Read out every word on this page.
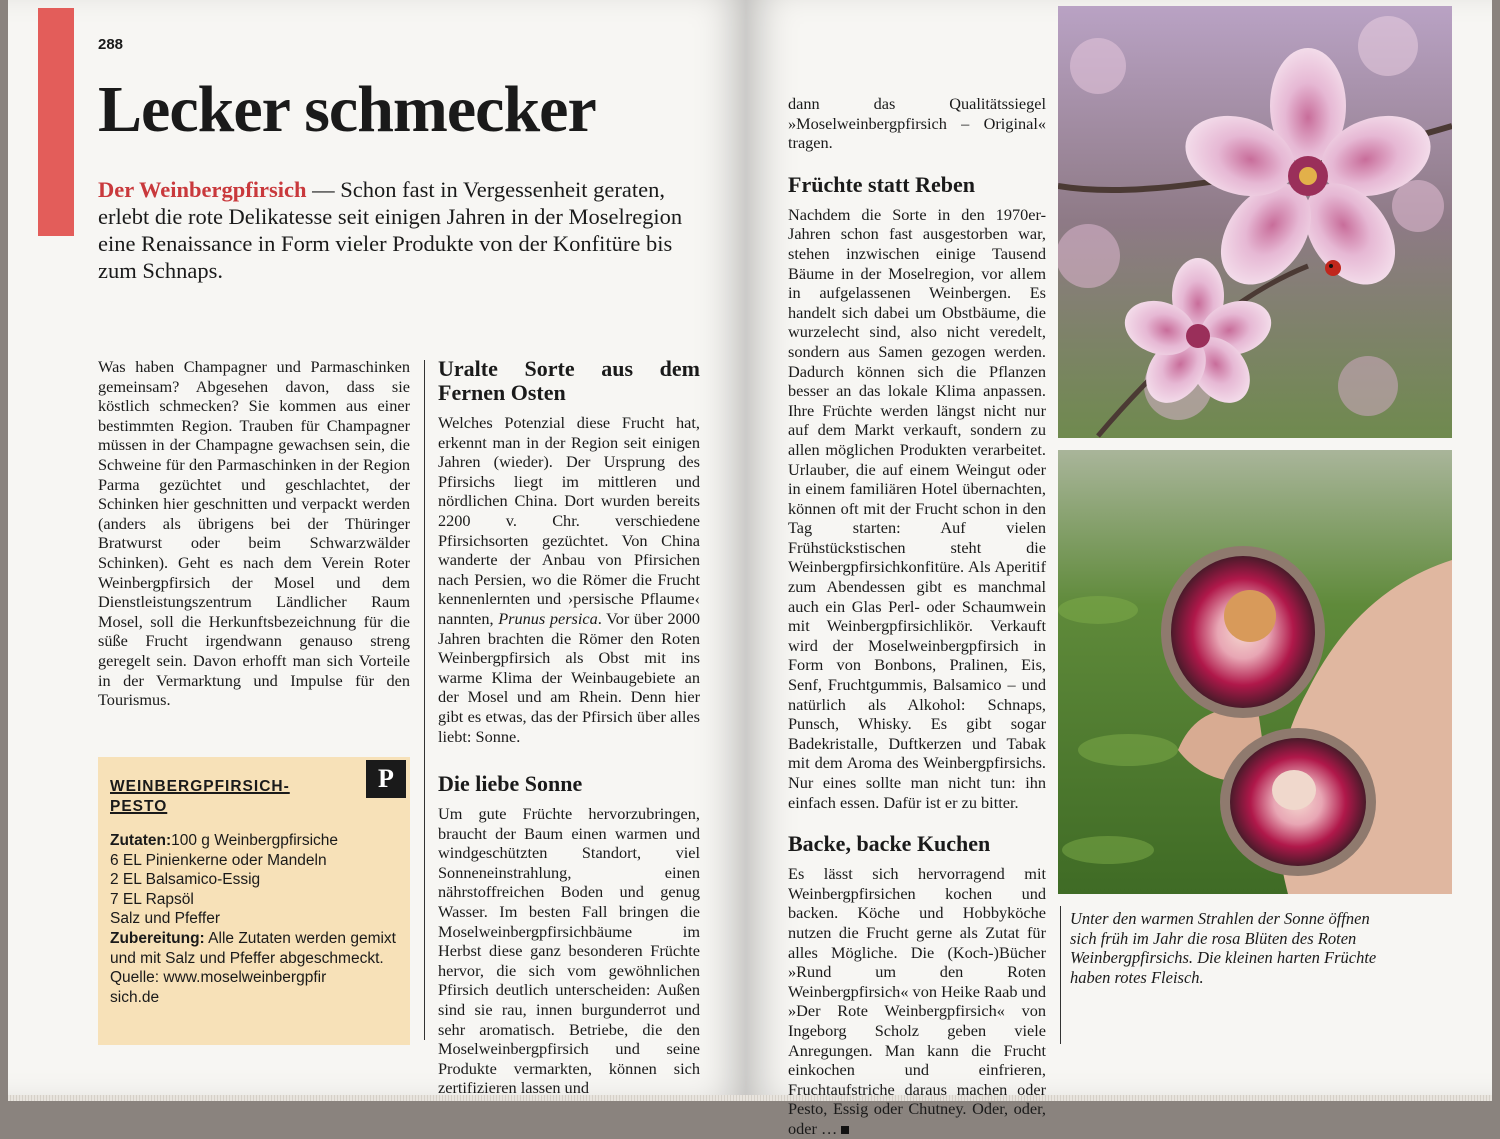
288
Lecker schmecker

Der Weinbergpfirsich — Schon fast in Vergessenheit geraten, erlebt die rote Delikatesse seit einigen Jahren in der Moselregion eine Renaissance in Form vieler Produkte von der Konfitüre bis zum Schnaps.

Was haben Champagner und Parmaschinken gemeinsam? Abgesehen davon, dass sie köstlich schmecken? Sie kommen aus einer bestimmten Region. Trauben für Champagner müssen in der Champagne gewachsen sein, die Schweine für den Parmaschinken in der Region Parma gezüchtet und geschlachtet, der Schinken hier geschnitten und verpackt werden (anders als übrigens bei der Thüringer Bratwurst oder beim Schwarzwälder Schinken). Geht es nach dem Verein Roter Weinbergpfirsich der Mosel und dem Dienstleistungszentrum Ländlicher Raum Mosel, soll die Herkunftsbezeichnung für die süße Frucht irgendwann genauso streng geregelt sein. Davon erhofft man sich Vorteile in der Vermarktung und Impulse für den Tourismus.

WEINBERGPFIRSICH-
PESTO
Zutaten:100 g Weinbergpfirsiche
6 EL Pinienkerne oder Mandeln
2 EL Balsamico-Essig
7 EL Rapsöl
Salz und Pfeffer
Zubereitung: Alle Zutaten werden gemixt und mit Salz und Pfeffer abgeschmeckt.
Quelle: www.moselweinbergpfir
sich.de
P
Uralte Sorte aus dem Fernen Osten

Welches Potenzial diese Frucht hat, erkennt man in der Region seit einigen Jahren (wieder). Der Ursprung des Pfirsichs liegt im mittleren und nördlichen China. Dort wurden bereits 2200 v. Chr. verschiedene Pfirsichsorten gezüchtet. Von China wanderte der Anbau von Pfirsichen nach Persien, wo die Römer die Frucht kennenlernten und ›persische Pflaume‹ nannten, Prunus persica. Vor über 2000 Jahren brachten die Römer den Roten Weinbergpfirsich als Obst mit ins warme Klima der Weinbaugebiete an der Mosel und am Rhein. Denn hier gibt es etwas, das der Pfirsich über alles liebt: Sonne.

Die liebe Sonne

Um gute Früchte hervorzubringen, braucht der Baum einen warmen und windgeschützten Standort, viel Sonneneinstrahlung, einen nährstoffreichen Boden und genug Wasser. Im besten Fall bringen die Moselweinbergpfirsichbäume im Herbst diese ganz besonderen Früchte hervor, die sich vom gewöhnlichen Pfirsich deutlich unterscheiden: Außen sind sie rau, innen burgunderrot und sehr aromatisch. Betriebe, die den Moselweinbergpfirsich und seine Produkte vermarkten, können sich zertifizieren lassen und

dann das Qualitätssiegel »Moselweinbergpfirsich – Original« tragen.

Früchte statt Reben

Nachdem die Sorte in den 1970er-Jahren schon fast ausgestorben war, stehen inzwischen einige Tausend Bäume in der Moselregion, vor allem in aufgelassenen Weinbergen. Es handelt sich dabei um Obstbäume, die wurzelecht sind, also nicht veredelt, sondern aus Samen gezogen werden. Dadurch können sich die Pflanzen besser an das lokale Klima anpassen. Ihre Früchte werden längst nicht nur auf dem Markt verkauft, sondern zu allen möglichen Produkten verarbeitet. Urlauber, die auf einem Weingut oder in einem familiären Hotel übernachten, können oft mit der Frucht schon in den Tag starten: Auf vielen Frühstückstischen steht die Weinbergpfirsichkonfitüre. Als Aperitif zum Abendessen gibt es manchmal auch ein Glas Perl- oder Schaumwein mit Weinbergpfirsichlikör. Verkauft wird der Moselweinbergpfirsich in Form von Bonbons, Pralinen, Eis, Senf, Fruchtgummis, Balsamico – und natürlich als Alkohol: Schnaps, Punsch, Whisky. Es gibt sogar Badekristalle, Duftkerzen und Tabak mit dem Aroma des Weinbergpfirsichs. Nur eines sollte man nicht tun: ihn einfach essen. Dafür ist er zu bitter.

Backe, backe Kuchen

Es lässt sich hervorragend mit Weinbergpfirsichen kochen und backen. Köche und Hobbyköche nutzen die Frucht gerne als Zutat für alles Mögliche. Die (Koch-)Bücher »Rund um den Roten Weinbergpfirsich« von Heike Raab und »Der Rote Weinbergpfirsich« von Ingeborg Scholz geben viele Anregungen. Man kann die Frucht einkochen und einfrieren, Fruchtaufstriche daraus machen oder Pesto, Essig oder Chutney. Oder, oder, oder …

Unter den warmen Strahlen der Sonne öffnen sich früh im Jahr die rosa Blüten des Roten Weinbergpfirsichs. Die kleinen harten Früchte haben rotes Fleisch.
